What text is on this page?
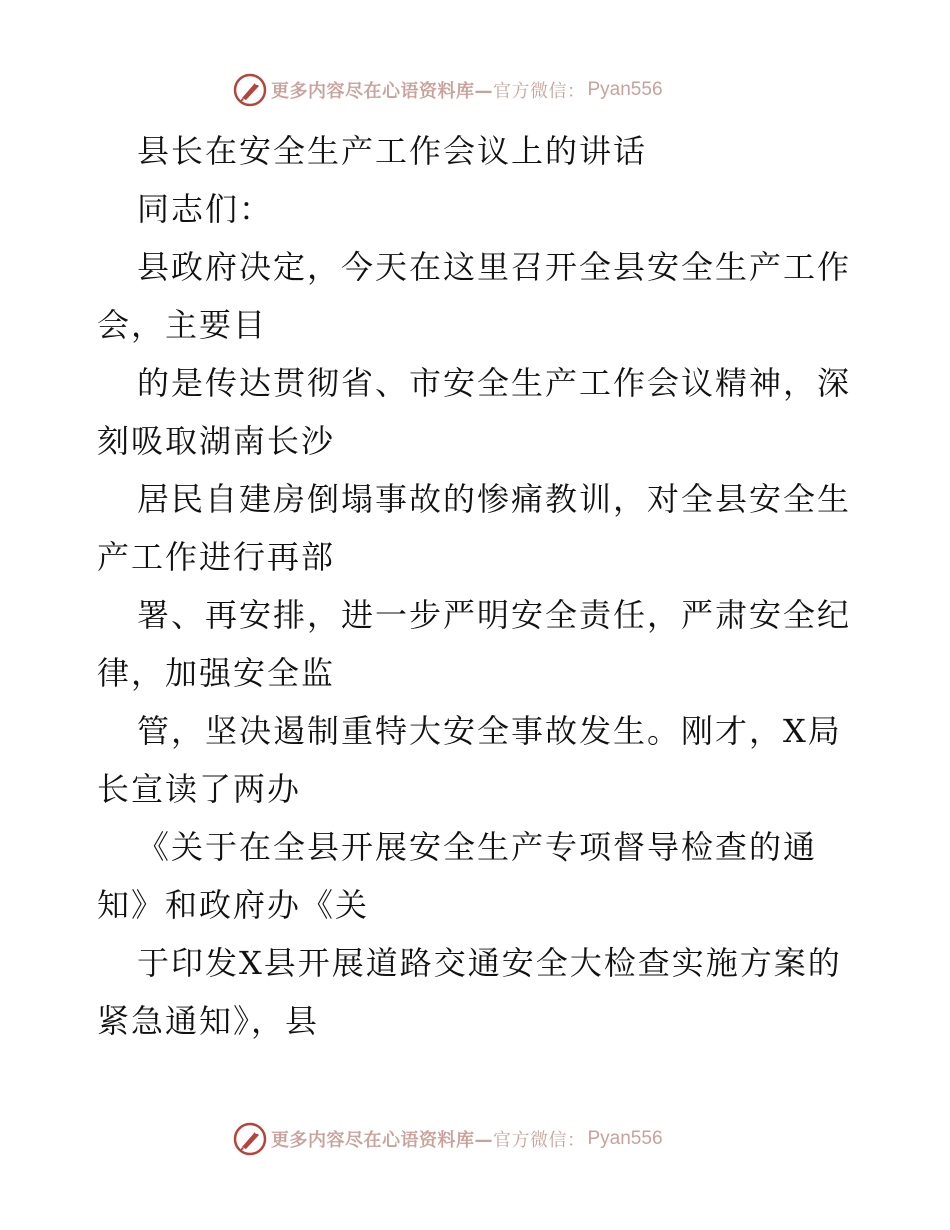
更多内容尽在心语资料库— 官方微信： Pyan556
县长在安全生产工作会议上的讲话
同志们：
县政府决定，今天在这里召开全县安全生产工作
会，主要目
的是传达贯彻省、市安全生产工作会议精神，深
刻吸取湖南长沙
居民自建房倒塌事故的惨痛教训，对全县安全生
产工作进行再部
署、再安排，进一步严明安全责任，严肃安全纪
律，加强安全监
管，坚决遏制重特大安全事故发生。刚才，X局
长宣读了两办
《关于在全县开展安全生产专项督导检查的通
知》和政府办《关
于印发X县开展道路交通安全大检查实施方案的
紧急通知》，县
更多内容尽在心语资料库— 官方微信： Pyan556
